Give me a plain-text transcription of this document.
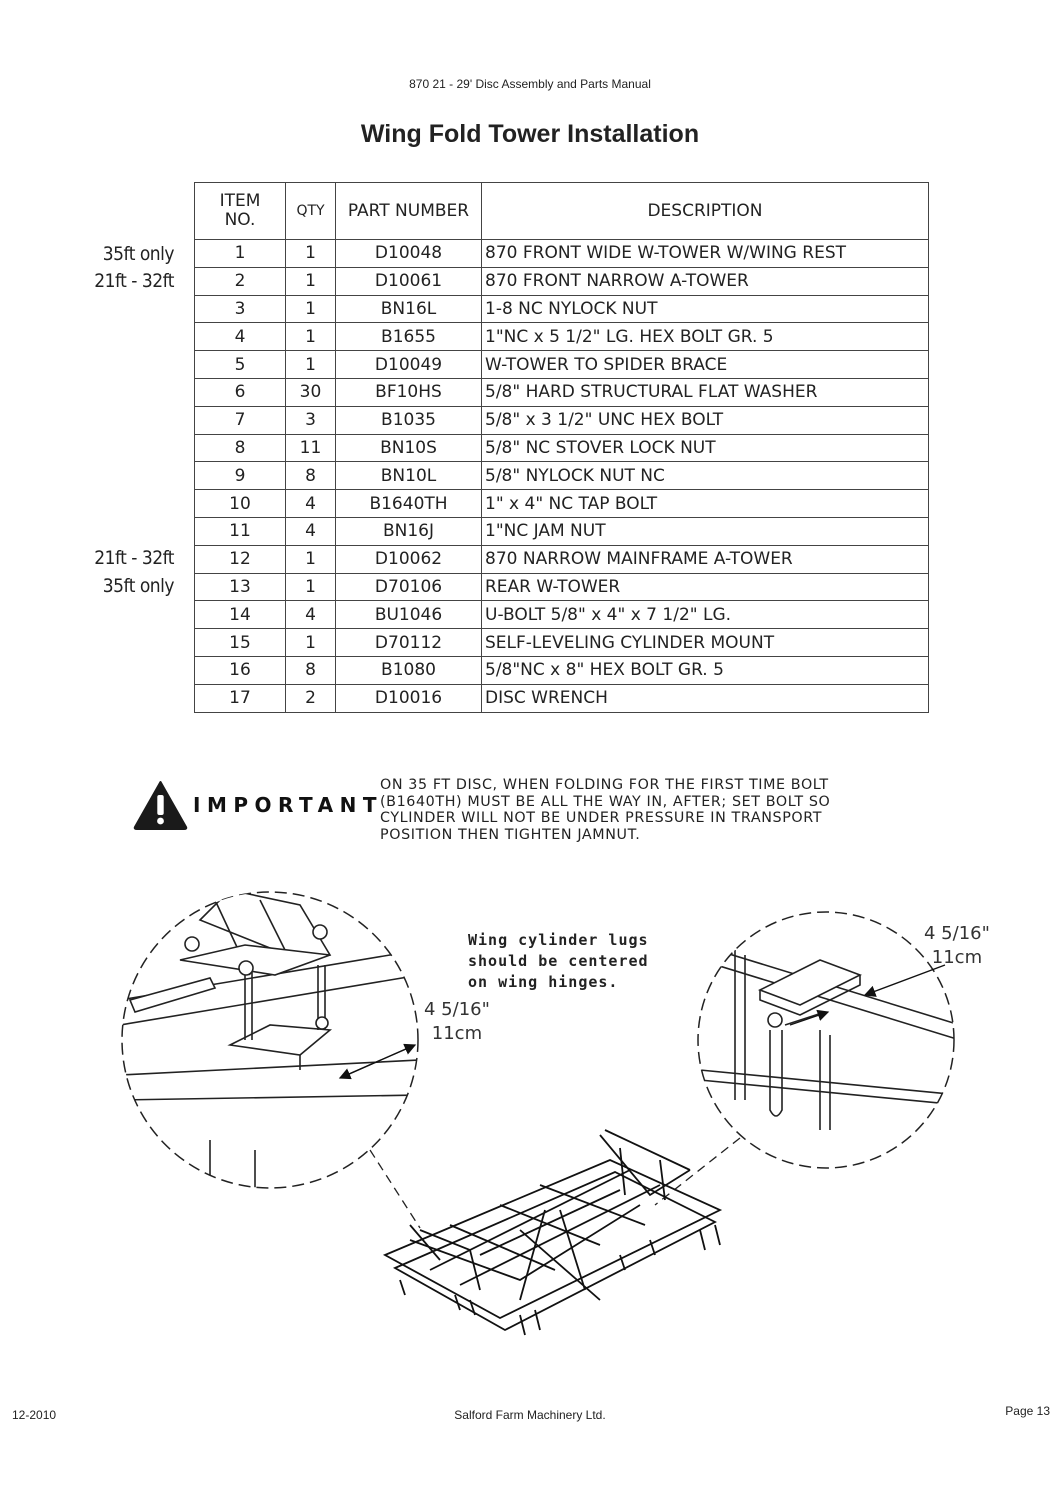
870 21 - 29' Disc Assembly and Parts Manual
Wing Fold Tower Installation
35ft only
21ft - 32ft
21ft - 32ft
35ft only
ITEM
NO.	QTY	PART NUMBER	DESCRIPTION
1	1	D10048	870 FRONT WIDE W-TOWER W/WING REST
2	1	D10061	870 FRONT NARROW A-TOWER
3	1	BN16L	1-8 NC NYLOCK NUT
4	1	B1655	1"NC x 5 1/2" LG. HEX BOLT GR. 5
5	1	D10049	W-TOWER TO SPIDER BRACE
6	30	BF10HS	5/8" HARD STRUCTURAL FLAT WASHER
7	3	B1035	5/8" x 3 1/2" UNC HEX BOLT
8	11	BN10S	5/8" NC STOVER LOCK NUT
9	8	BN10L	5/8" NYLOCK NUT NC
10	4	B1640TH	1" x 4" NC TAP BOLT
11	4	BN16J	1"NC JAM NUT
12	1	D10062	870 NARROW MAINFRAME A-TOWER
13	1	D70106	REAR W-TOWER
14	4	BU1046	U-BOLT 5/8" x 4" x 7 1/2" LG.
15	1	D70112	SELF-LEVELING CYLINDER MOUNT
16	8	B1080	5/8"NC x 8" HEX BOLT GR. 5
17	2	D10016	DISC WRENCH
IMPORTANT
ON 35 FT DISC, WHEN FOLDING FOR THE FIRST TIME BOLT
(B1640TH) MUST BE ALL THE WAY IN, AFTER; SET BOLT SO
CYLINDER WILL NOT BE UNDER PRESSURE IN TRANSPORT
POSITION THEN TIGHTEN JAMNUT.
Wing cylinder lugs
should be centered
on wing hinges.
4 5/16"
11cm
4 5/16"
11cm
12-2010	Salford Farm Machinery Ltd.	Page 13
